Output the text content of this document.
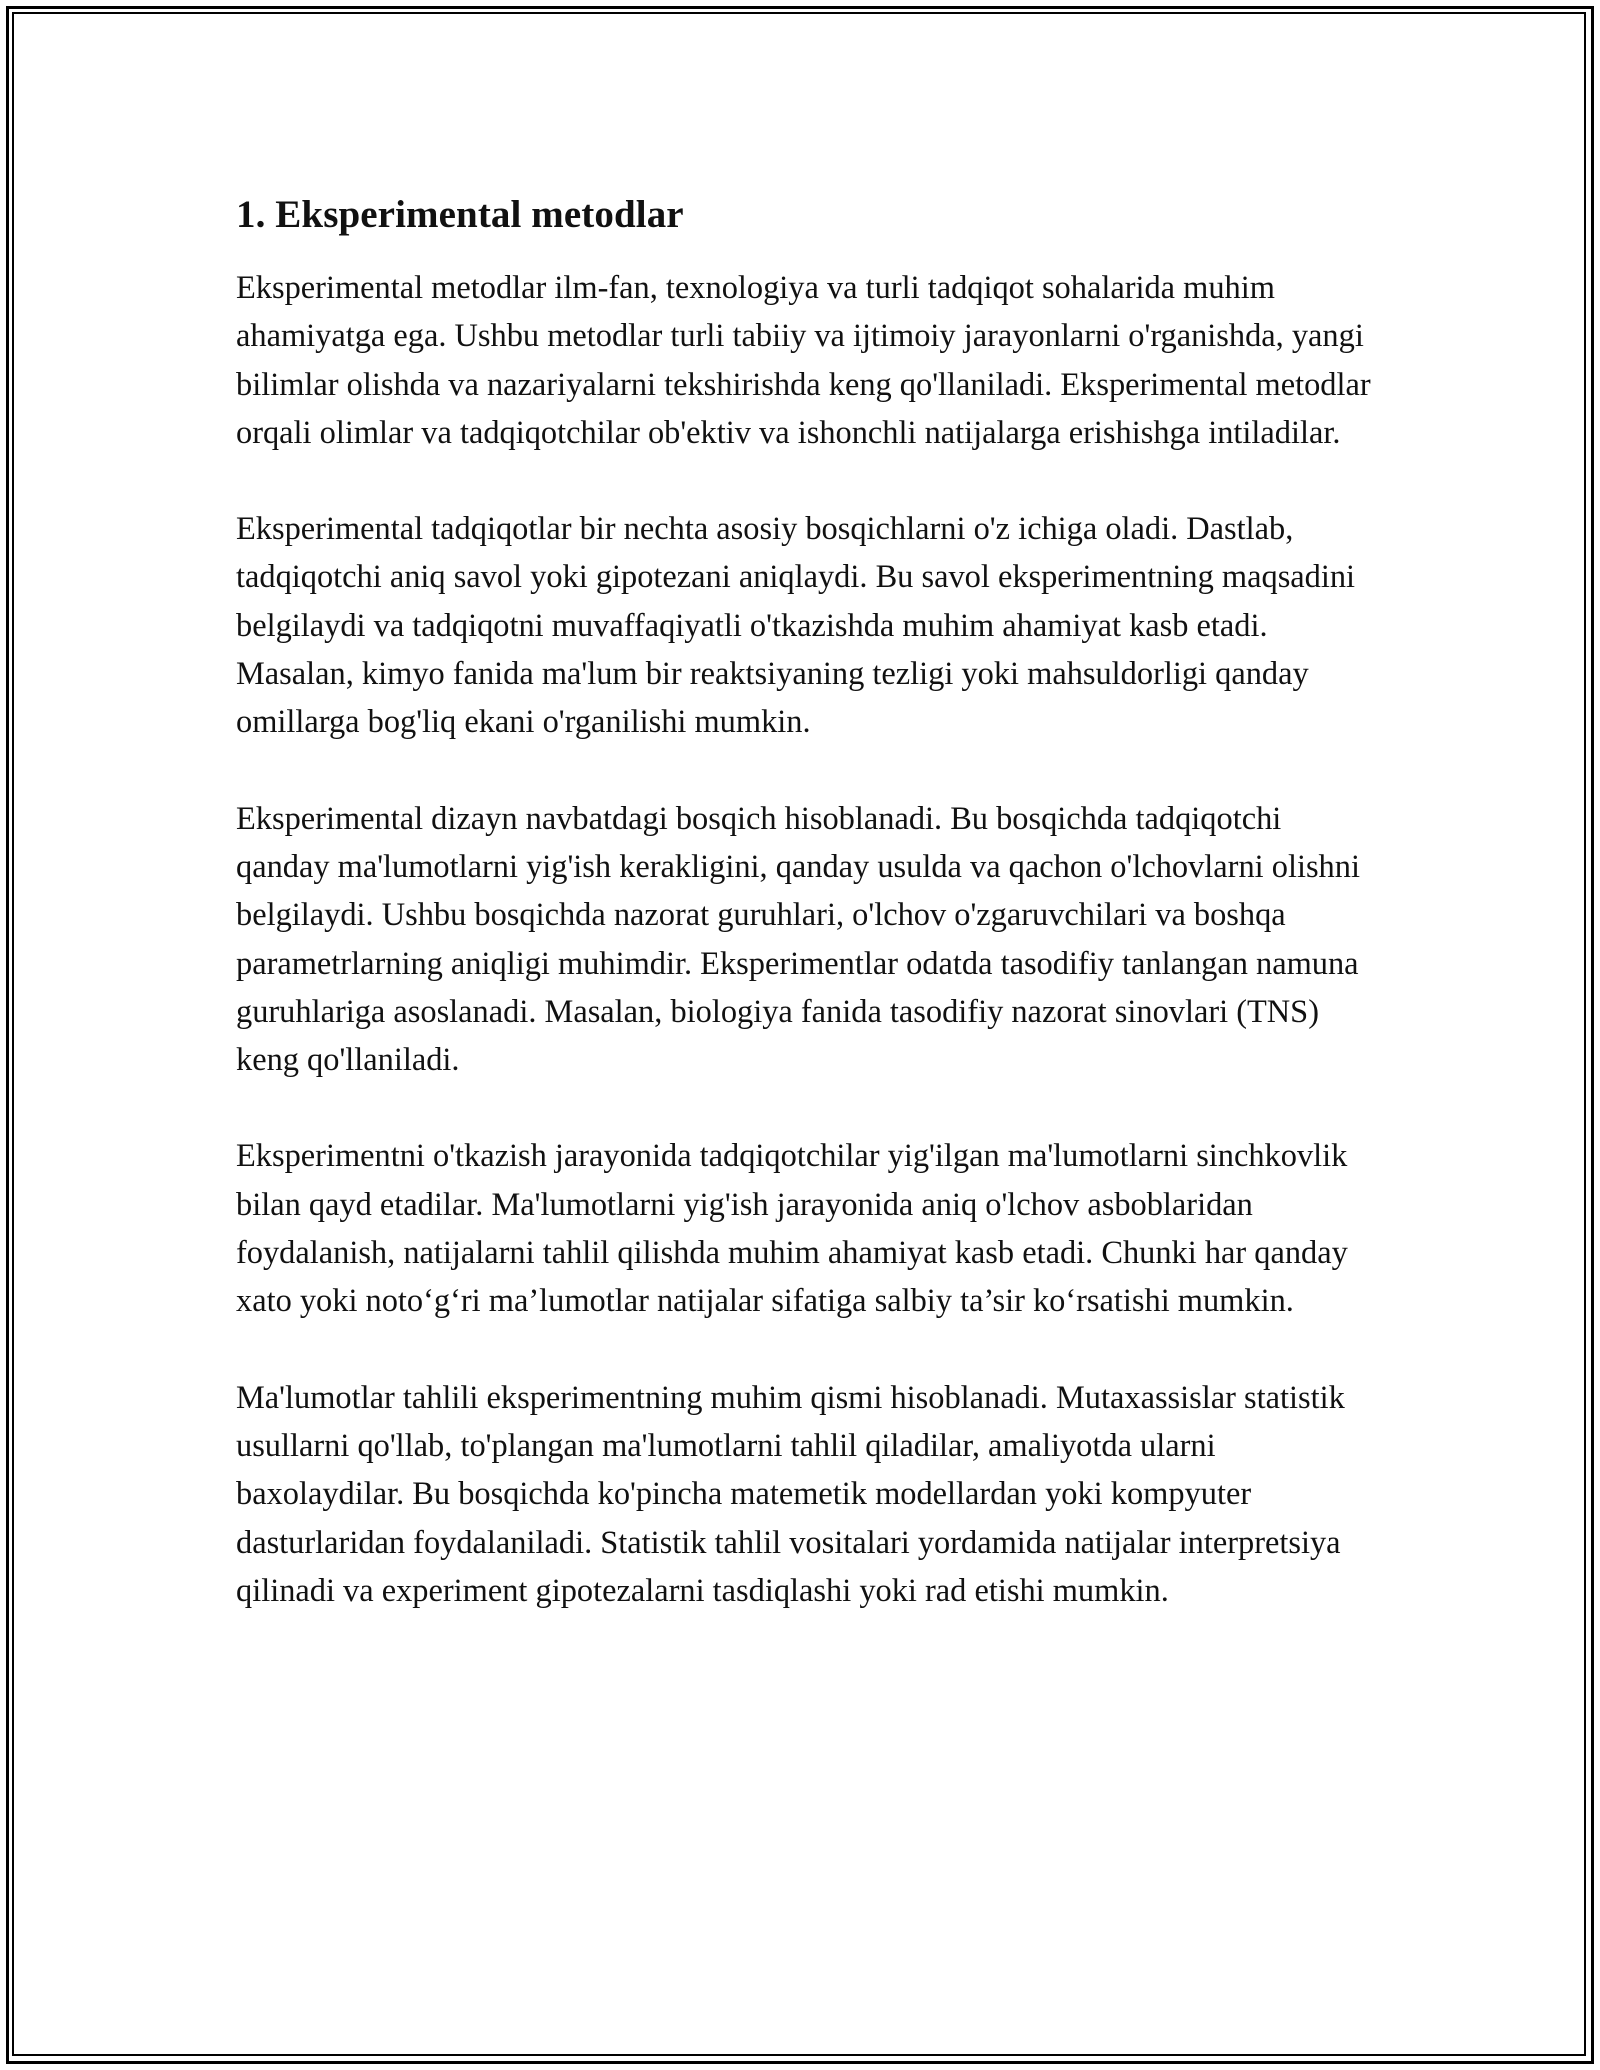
1. Eksperimental metodlar

Eksperimental metodlar ilm-fan, texnologiya va turli tadqiqot sohalarida muhim ahamiyatga ega. Ushbu metodlar turli tabiiy va ijtimoiy jarayonlarni o'rganishda, yangi bilimlar olishda va nazariyalarni tekshirishda keng qo'llaniladi. Eksperimental metodlar orqali olimlar va tadqiqotchilar ob'ektiv va ishonchli natijalarga erishishga intiladilar.

Eksperimental tadqiqotlar bir nechta asosiy bosqichlarni o'z ichiga oladi. Dastlab, tadqiqotchi aniq savol yoki gipotezani aniqlaydi. Bu savol eksperimentning maqsadini belgilaydi va tadqiqotni muvaffaqiyatli o'tkazishda muhim ahamiyat kasb etadi. Masalan, kimyo fanida ma'lum bir reaktsiyaning tezligi yoki mahsuldorligi qanday omillarga bog'liq ekani o'rganilishi mumkin.

Eksperimental dizayn navbatdagi bosqich hisoblanadi. Bu bosqichda tadqiqotchi qanday ma'lumotlarni yig'ish kerakligini, qanday usulda va qachon o'lchovlarni olishni belgilaydi. Ushbu bosqichda nazorat guruhlari, o'lchov o'zgaruvchilari va boshqa parametrlarning aniqligi muhimdir. Eksperimentlar odatda tasodifiy tanlangan namuna guruhlariga asoslanadi. Masalan, biologiya fanida tasodifiy nazorat sinovlari (TNS) keng qo'llaniladi.

Eksperimentni o'tkazish jarayonida tadqiqotchilar yig'ilgan ma'lumotlarni sinchkovlik bilan qayd etadilar. Ma'lumotlarni yig'ish jarayonida aniq o'lchov asboblaridan foydalanish, natijalarni tahlil qilishda muhim ahamiyat kasb etadi. Chunki har qanday xato yoki noto‘g‘ri ma’lumotlar natijalar sifatiga salbiy ta’sir ko‘rsatishi mumkin.

Ma'lumotlar tahlili eksperimentning muhim qismi hisoblanadi. Mutaxassislar statistik usullarni qo'llab, to'plangan ma'lumotlarni tahlil qiladilar, amaliyotda ularni baxolaydilar. Bu bosqichda ko'pincha matemetik modellardan yoki kompyuter dasturlaridan foydalaniladi. Statistik tahlil vositalari yordamida natijalar interpretsiya qilinadi va experiment gipotezalarni tasdiqlashi yoki rad etishi mumkin.
